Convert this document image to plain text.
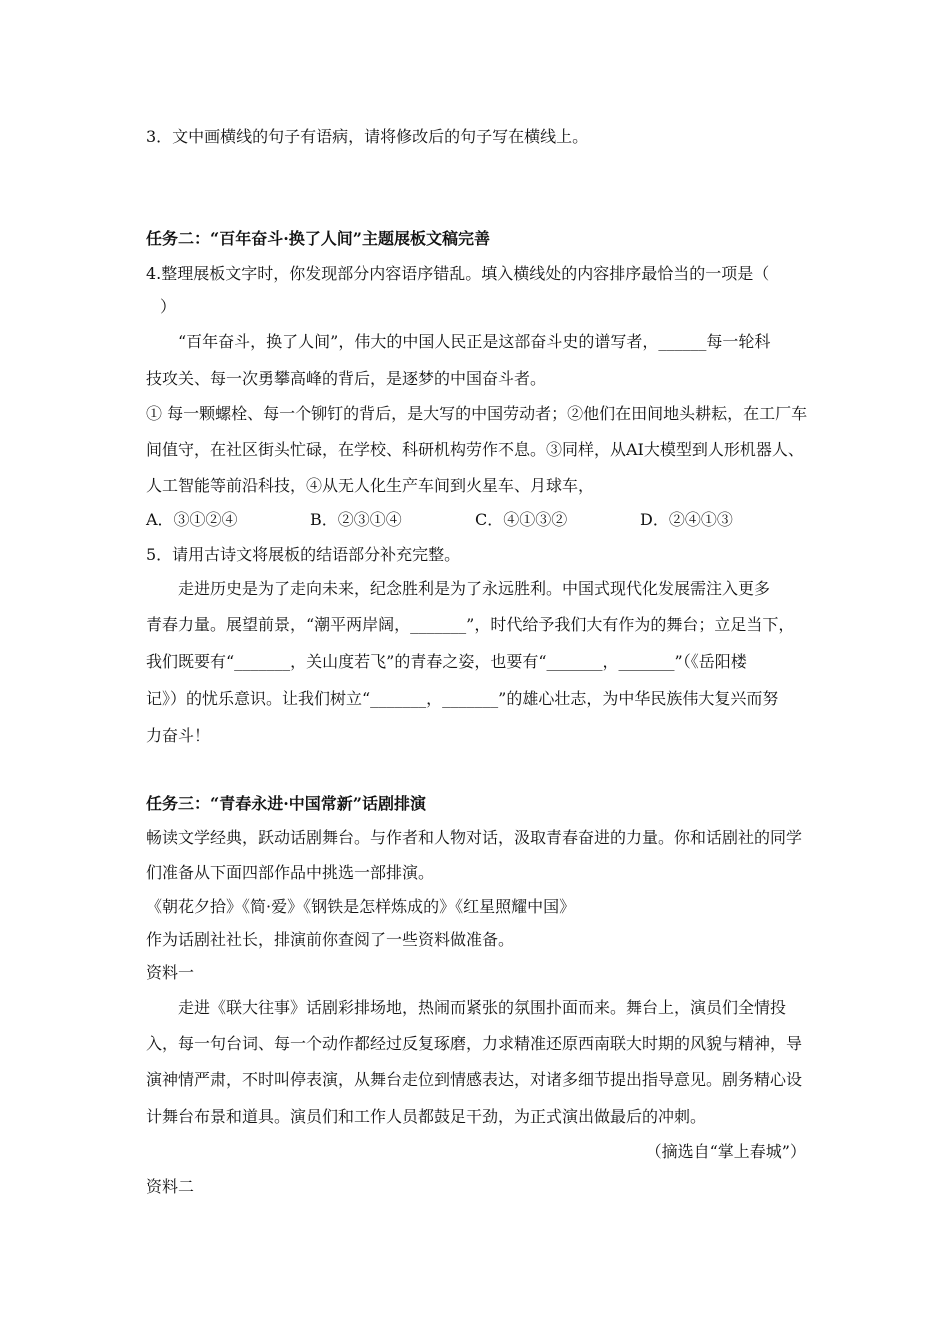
3．文中画横线的句子有语病，请将修改后的句子写在横线上。
任务二：“百年奋斗·换了人间”主题展板文稿完善
4.整理展板文字时，你发现部分内容语序错乱。填入横线处的内容排序最恰当的一项是（
）
“百年奋斗，换了人间”，伟大的中国人民正是这部奋斗史的谱写者，______每一轮科
技攻关、每一次勇攀高峰的背后，是逐梦的中国奋斗者。
① 每一颗螺栓、每一个铆钉的背后，是大写的中国劳动者；②他们在田间地头耕耘，在工厂车
间值守，在社区街头忙碌，在学校、科研机构劳作不息。③同样，从AI大模型到人形机器人、
人工智能等前沿科技，④从无人化生产车间到火星车、月球车，
A．③①②④	B．②③①④	C．④①③②	D．②④①③
5．请用古诗文将展板的结语部分补充完整。
走进历史是为了走向未来，纪念胜利是为了永远胜利。中国式现代化发展需注入更多
青春力量。展望前景，“潮平两岸阔，_______”，时代给予我们大有作为的舞台；立足当下，
我们既要有“_______，关山度若飞”的青春之姿，也要有“_______，_______”（《岳阳楼
记》）的忧乐意识。让我们树立“_______，_______”的雄心壮志，为中华民族伟大复兴而努
力奋斗！
任务三：“青春永进·中国常新”话剧排演
畅读文学经典，跃动话剧舞台。与作者和人物对话，汲取青春奋进的力量。你和话剧社的同学
们准备从下面四部作品中挑选一部排演。
《朝花夕拾》《简·爱》《钢铁是怎样炼成的》《红星照耀中国》
作为话剧社社长，排演前你查阅了一些资料做准备。
资料一
走进《联大往事》话剧彩排场地，热闹而紧张的氛围扑面而来。舞台上，演员们全情投
入，每一句台词、每一个动作都经过反复琢磨，力求精准还原西南联大时期的风貌与精神，导
演神情严肃，不时叫停表演，从舞台走位到情感表达，对诸多细节提出指导意见。剧务精心设
计舞台布景和道具。演员们和工作人员都鼓足干劲，为正式演出做最后的冲刺。
（摘选自“掌上春城”）
资料二
